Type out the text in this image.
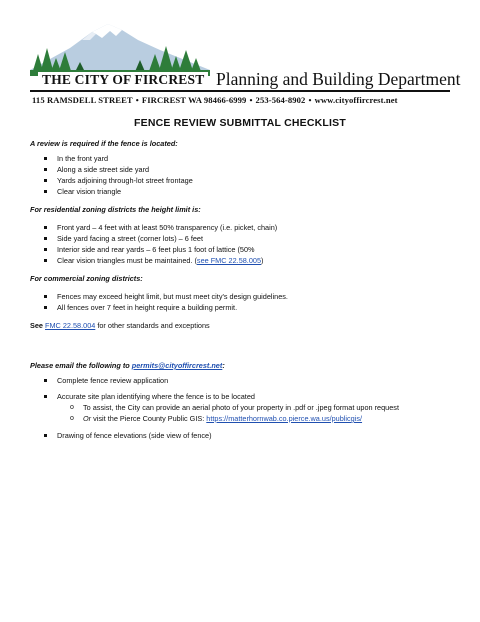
THE CITY OF FIRCREST Planning and Building Department
115 RAMSDELL STREET • FIRCREST WA 98466-6999 • 253-564-8902 • www.cityoffircrest.net
FENCE REVIEW SUBMITTAL CHECKLIST
A review is required if the fence is located:
In the front yard
Along a side street side yard
Yards adjoining through-lot street frontage
Clear vision triangle
For residential zoning districts the height limit is:
Front yard – 4 feet with at least 50% transparency (i.e. picket, chain)
Side yard facing a street (corner lots) – 6 feet
Interior side and rear yards – 6 feet plus 1 foot of lattice (50%
Clear vision triangles must be maintained. (see FMC 22.58.005)
For commercial zoning districts:
Fences may exceed height limit, but must meet city's design guidelines.
All fences over 7 feet in height require a building permit.
See FMC 22.58.004 for other standards and exceptions
Please email the following to permits@cityoffircrest.net:
Complete fence review application
Accurate site plan identifying where the fence is to be located
o To assist, the City can provide an aerial photo of your property in .pdf or .jpeg format upon request
o Or visit the Pierce County Public GIS: https://matterhornwab.co.pierce.wa.us/publicgis/
Drawing of fence elevations (side view of fence)
